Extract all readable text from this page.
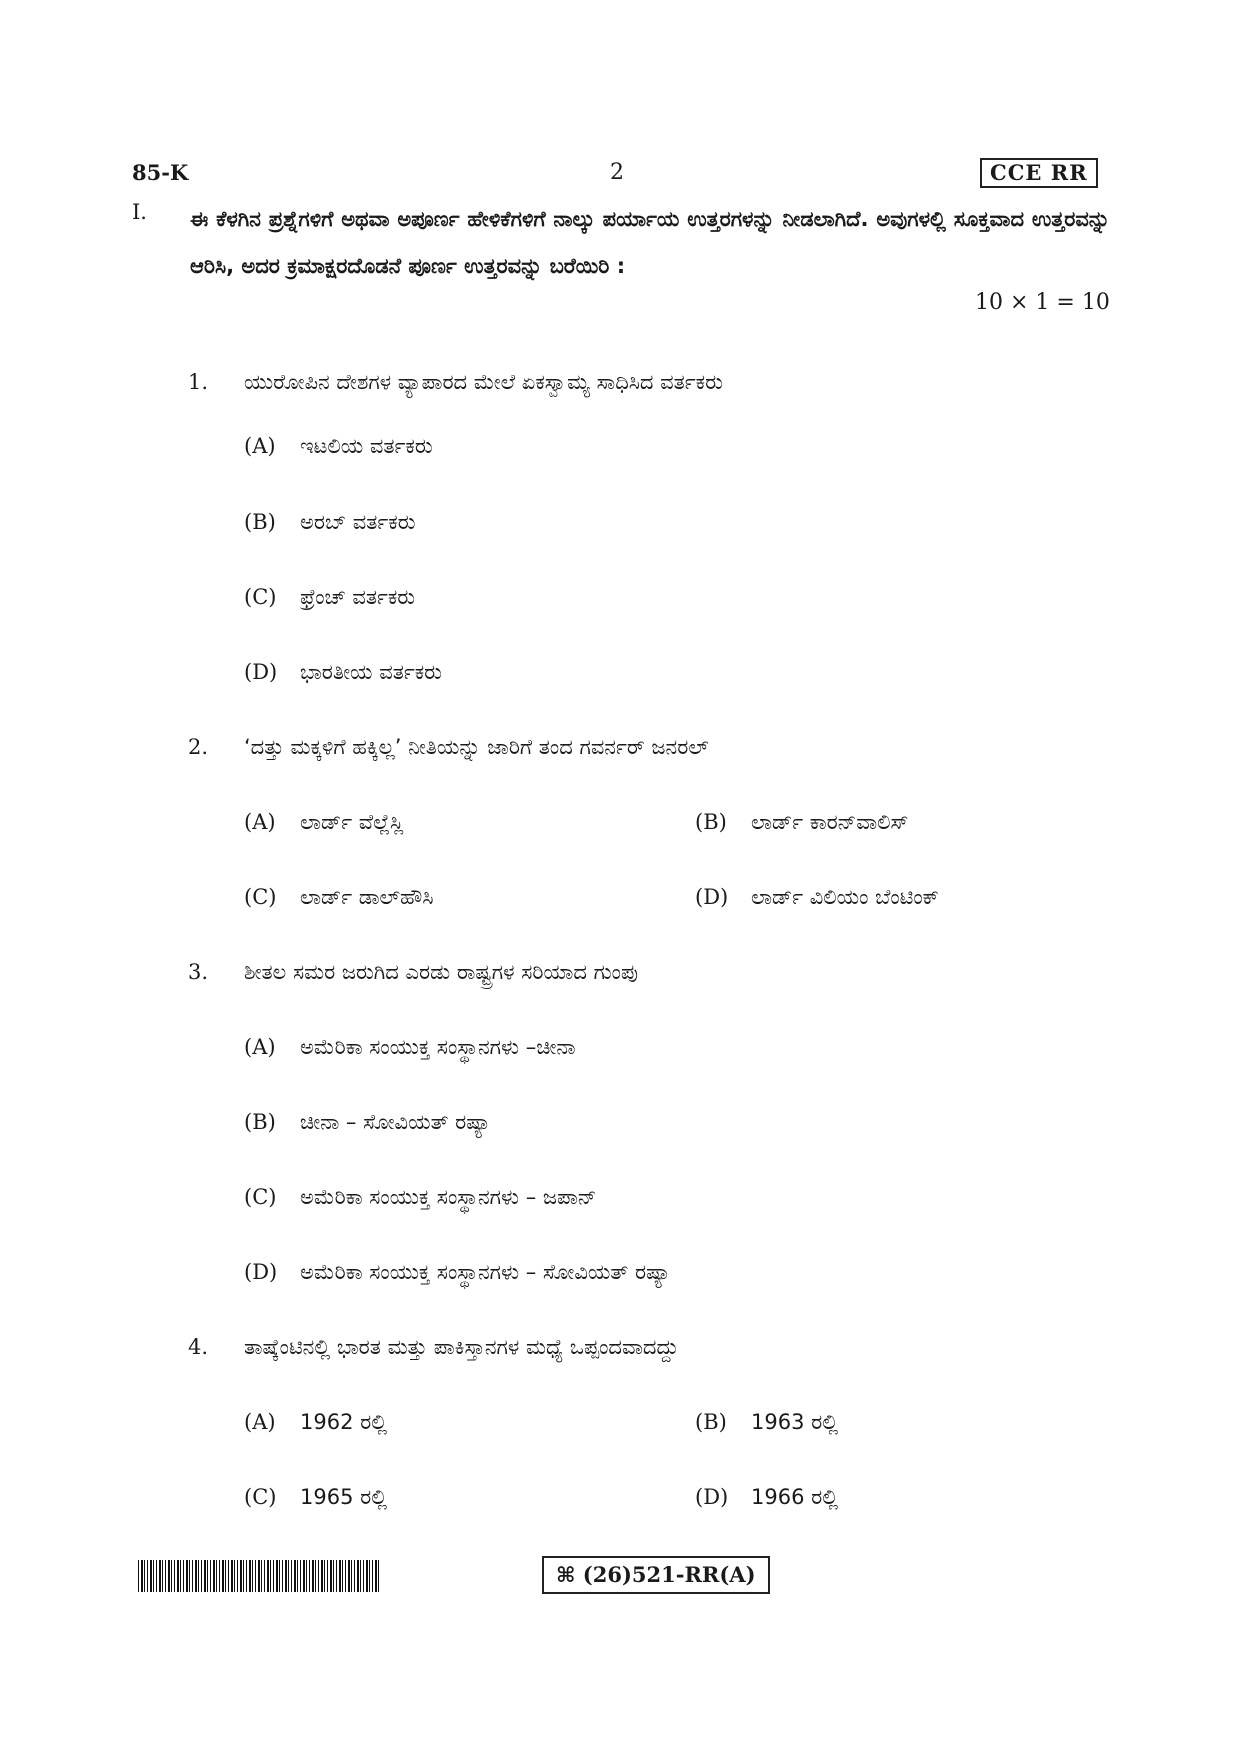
85-K	2	CCE RR
I. ಈ ಕೆಳಗಿನ ಪ್ರಶ್ನೆಗಳಿಗೆ ಅಥವಾ ಅಪೂರ್ಣ ಹೇಳಿಕೆಗಳಿಗೆ ನಾಲ್ಕು ಪರ್ಯಾಯ ಉತ್ತರಗಳನ್ನು ನೀಡಲಾಗಿದೆ. ಅವುಗಳಲ್ಲಿ ಸೂಕ್ತವಾದ ಉತ್ತರವನ್ನು ಆರಿಸಿ, ಅದರ ಕ್ರಮಾಕ್ಷರದೊಡನೆ ಪೂರ್ಣ ಉತ್ತರವನ್ನು ಬರೆಯಿರಿ :
10 × 1 = 10
1. ಯುರೋಪಿನ ದೇಶಗಳ ವ್ಯಾಪಾರದ ಮೇಲೆ ಏಕಸ್ವಾಮ್ಯ ಸಾಧಿಸಿದ ವರ್ತಕರು
(A) ಇಟಲಿಯ ವರ್ತಕರು
(B) ಅರಬ್ ವರ್ತಕರು
(C) ಫ್ರೆಂಚ್ ವರ್ತಕರು
(D) ಭಾರತೀಯ ವರ್ತಕರು
2. ‘ದತ್ತು ಮಕ್ಕಳಿಗೆ ಹಕ್ಕಿಲ್ಲ’ ನೀತಿಯನ್ನು ಜಾರಿಗೆ ತಂದ ಗವರ್ನರ್ ಜನರಲ್
(A) ಲಾರ್ಡ್ ವೆಲ್ಲೆಸ್ಲಿ	(B) ಲಾರ್ಡ್ ಕಾರನ್‌ವಾಲಿಸ್
(C) ಲಾರ್ಡ್ ಡಾಲ್‌ಹೌಸಿ	(D) ಲಾರ್ಡ್ ವಿಲಿಯಂ ಬೆಂಟಿಂಕ್
3. ಶೀತಲ ಸಮರ ಜರುಗಿದ ಎರಡು ರಾಷ್ಟ್ರಗಳ ಸರಿಯಾದ ಗುಂಪು
(A) ಅಮೆರಿಕಾ ಸಂಯುಕ್ತ ಸಂಸ್ಥಾನಗಳು –ಚೀನಾ
(B) ಚೀನಾ – ಸೋವಿಯತ್ ರಷ್ಯಾ
(C) ಅಮೆರಿಕಾ ಸಂಯುಕ್ತ ಸಂಸ್ಥಾನಗಳು – ಜಪಾನ್
(D) ಅಮೆರಿಕಾ ಸಂಯುಕ್ತ ಸಂಸ್ಥಾನಗಳು – ಸೋವಿಯತ್ ರಷ್ಯಾ
4. ತಾಷ್ಕೆಂಟಿನಲ್ಲಿ ಭಾರತ ಮತ್ತು ಪಾಕಿಸ್ತಾನಗಳ ಮಧ್ಯೆ ಒಪ್ಪಂದವಾದದ್ದು
(A) 1962 ರಲ್ಲಿ	(B) 1963 ರಲ್ಲಿ
(C) 1965 ರಲ್ಲಿ	(D) 1966 ರಲ್ಲಿ
⌘ (26)521-RR(A)
